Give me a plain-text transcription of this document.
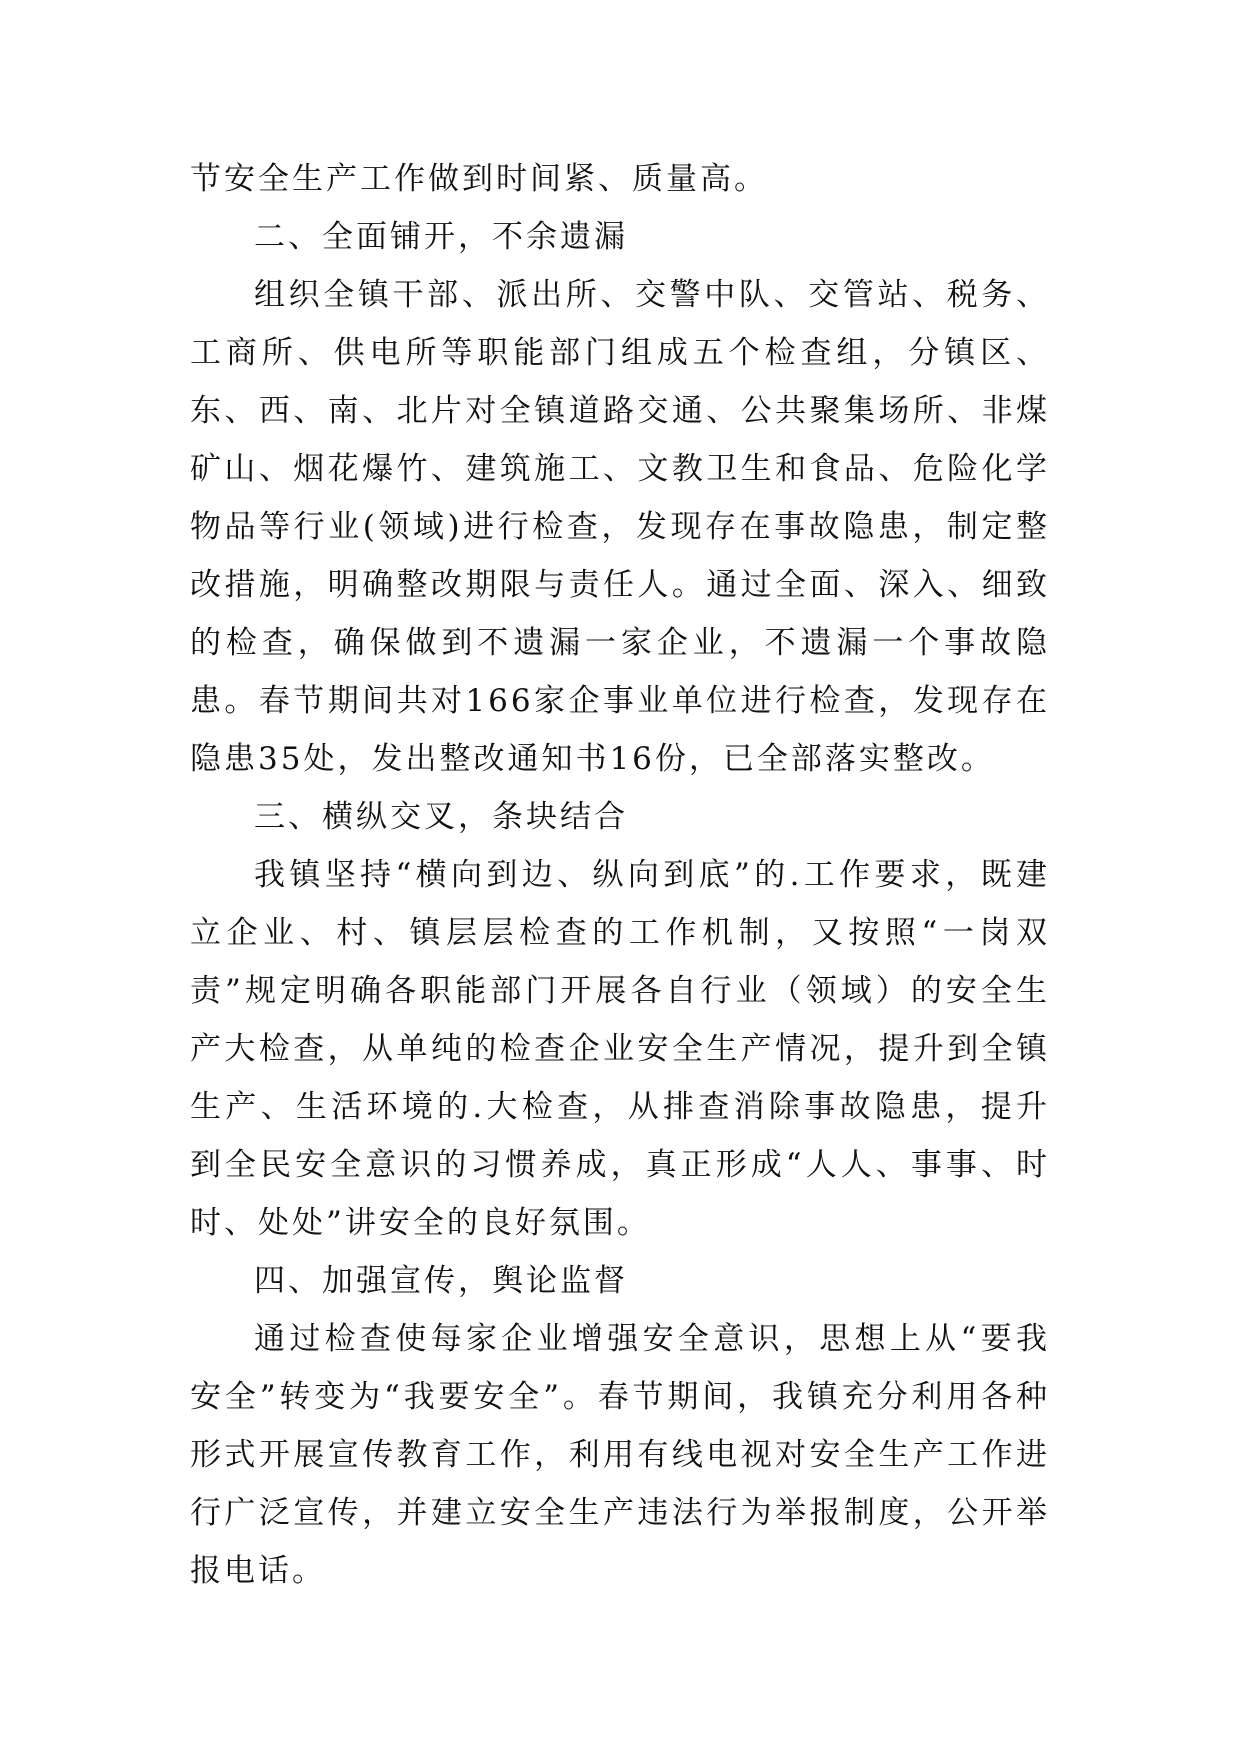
节安全生产工作做到时间紧、质量高。

二、全面铺开，不余遗漏

组织全镇干部、派出所、交警中队、交管站、税务、工商所、供电所等职能部门组成五个检查组，分镇区、东、西、南、北片对全镇道路交通、公共聚集场所、非煤矿山、烟花爆竹、建筑施工、文教卫生和食品、危险化学物品等行业(领域)进行检查，发现存在事故隐患，制定整改措施，明确整改期限与责任人。通过全面、深入、细致的检查，确保做到不遗漏一家企业，不遗漏一个事故隐患。春节期间共对166家企事业单位进行检查，发现存在隐患35处，发出整改通知书16份，已全部落实整改。

三、横纵交叉，条块结合

我镇坚持“横向到边、纵向到底”的.工作要求，既建立企业、村、镇层层检查的工作机制，又按照“一岗双责”规定明确各职能部门开展各自行业（领域）的安全生产大检查，从单纯的检查企业安全生产情况，提升到全镇生产、生活环境的.大检查，从排查消除事故隐患，提升到全民安全意识的习惯养成，真正形成“人人、事事、时时、处处”讲安全的良好氛围。

四、加强宣传，舆论监督

通过检查使每家企业增强安全意识，思想上从“要我安全”转变为“我要安全”。春节期间，我镇充分利用各种形式开展宣传教育工作，利用有线电视对安全生产工作进行广泛宣传，并建立安全生产违法行为举报制度，公开举报电话。
